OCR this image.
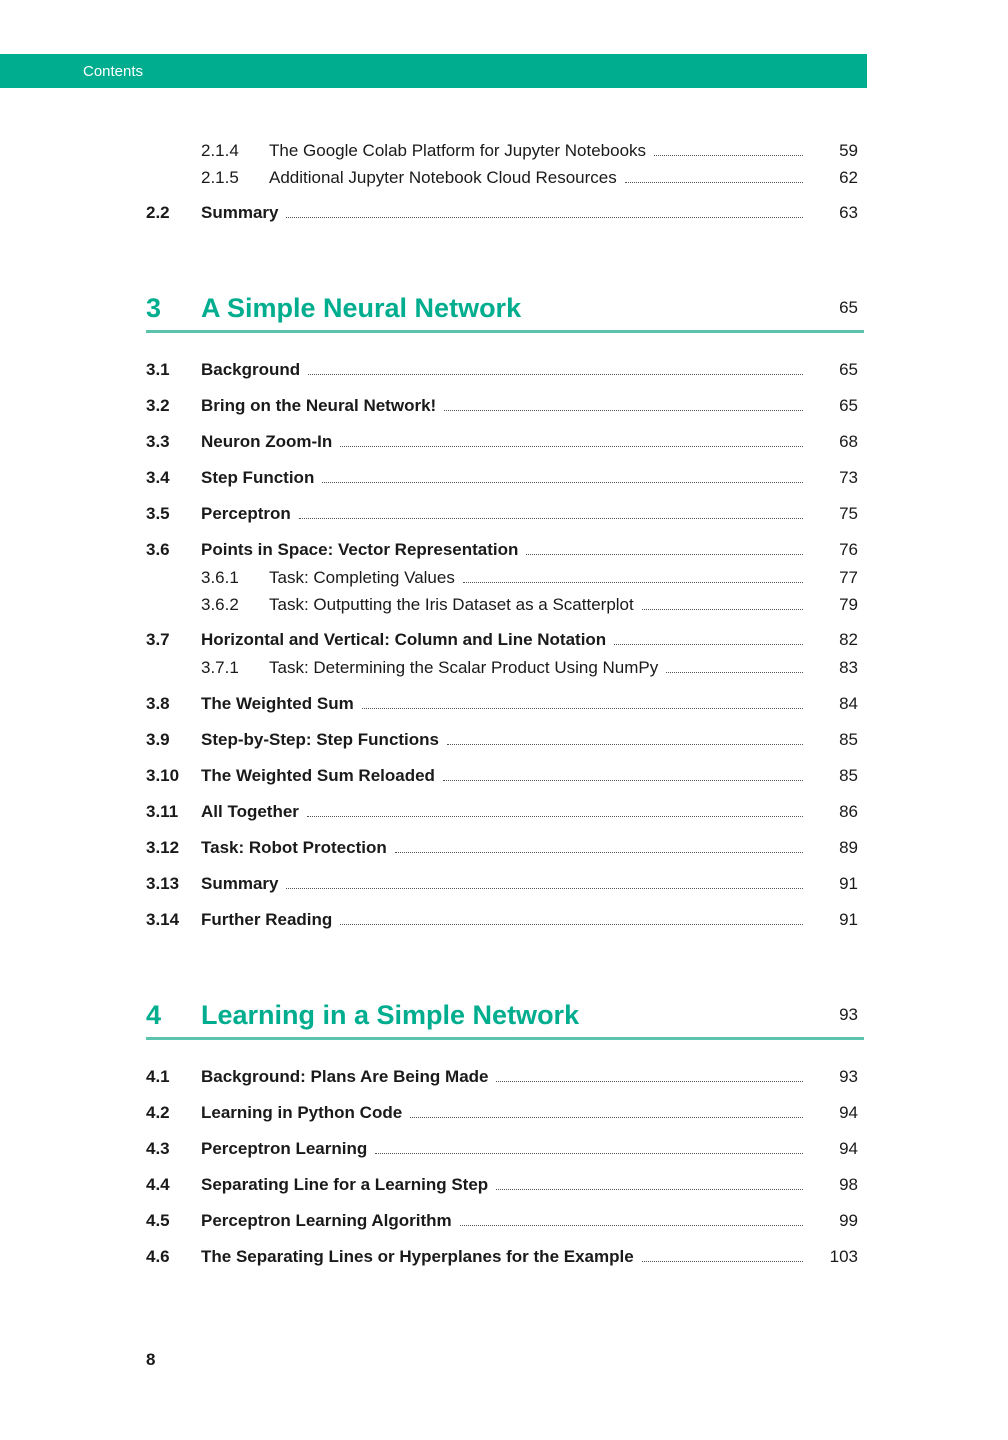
Contents
2.1.4 The Google Colab Platform for Jupyter Notebooks	59
2.1.5 Additional Jupyter Notebook Cloud Resources	62
2.2 Summary	63
3 A Simple Neural Network	65
3.1 Background	65
3.2 Bring on the Neural Network!	65
3.3 Neuron Zoom-In	68
3.4 Step Function	73
3.5 Perceptron	75
3.6 Points in Space: Vector Representation	76
3.6.1 Task: Completing Values	77
3.6.2 Task: Outputting the Iris Dataset as a Scatterplot	79
3.7 Horizontal and Vertical: Column and Line Notation	82
3.7.1 Task: Determining the Scalar Product Using NumPy	83
3.8 The Weighted Sum	84
3.9 Step-by-Step: Step Functions	85
3.10 The Weighted Sum Reloaded	85
3.11 All Together	86
3.12 Task: Robot Protection	89
3.13 Summary	91
3.14 Further Reading	91
4 Learning in a Simple Network	93
4.1 Background: Plans Are Being Made	93
4.2 Learning in Python Code	94
4.3 Perceptron Learning	94
4.4 Separating Line for a Learning Step	98
4.5 Perceptron Learning Algorithm	99
4.6 The Separating Lines or Hyperplanes for the Example	103
8
